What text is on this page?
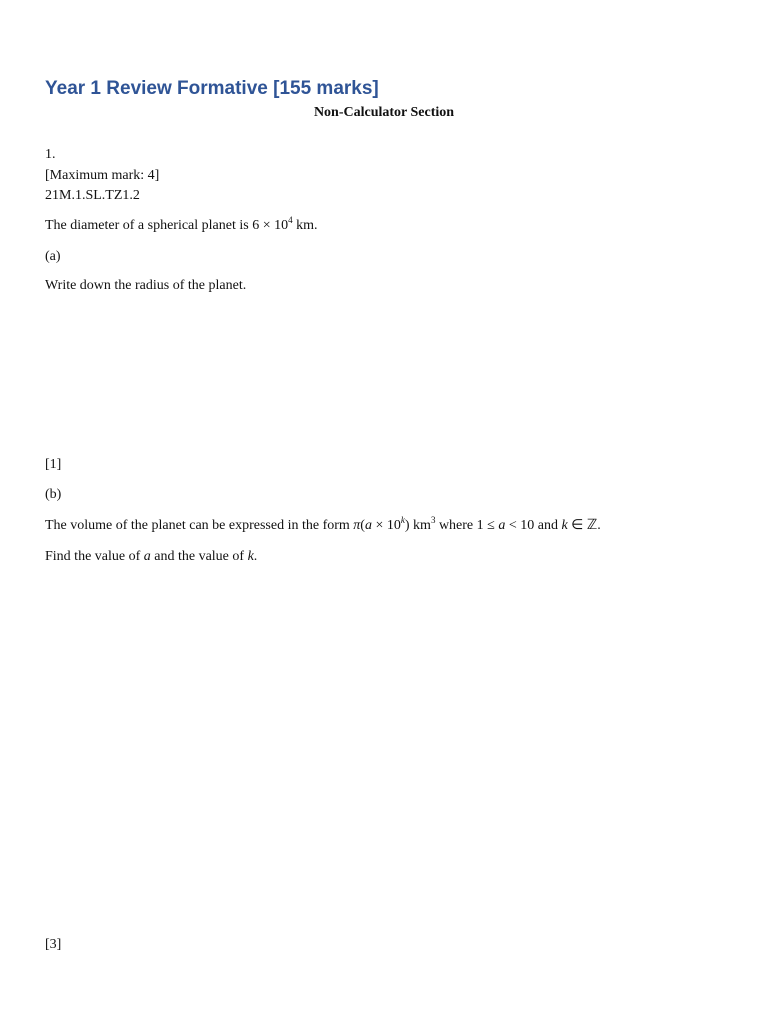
Year 1 Review Formative [155 marks]
Non-Calculator Section
1.
[Maximum mark: 4]
21M.1.SL.TZ1.2
The diameter of a spherical planet is $6 \times 10^4$ km.
(a)
Write down the radius of the planet.
[1]
(b)
The volume of the planet can be expressed in the form $\pi(a \times 10^k)$ $km^3$ where 1 ≤ a < 10 and k ∈ ℤ.
Find the value of a and the value of k.
[3]
